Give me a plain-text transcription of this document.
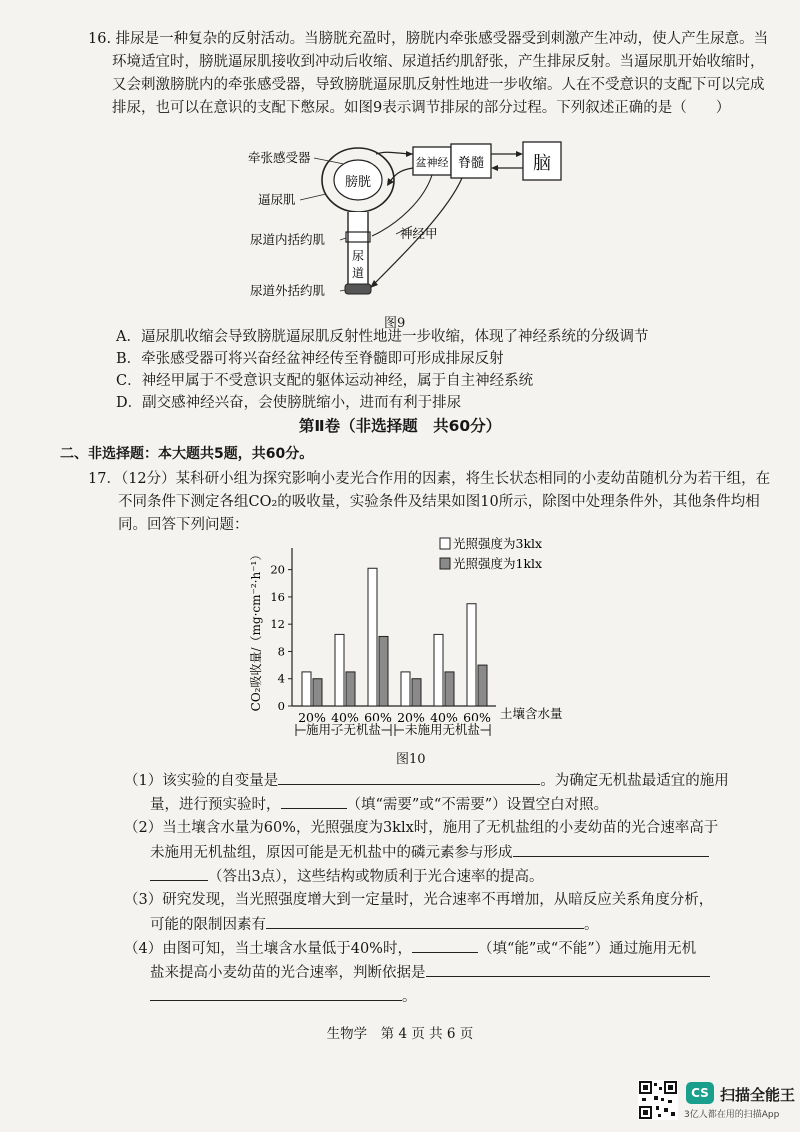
16. 排尿是一种复杂的反射活动。当膀胱充盈时，膀胱内牵张感受器受到刺激产生冲动，使人产生尿意。当环境适宜时，膀胱逼尿肌接收到冲动后收缩、尿道括约肌舒张，产生排尿反射。当逼尿肌开始收缩时，又会刺激膀胱内的牵张感受器，导致膀胱逼尿肌反射性地进一步收缩。人在不受意识的支配下可以完成排尿，也可以在意识的支配下憋尿。如图9表示调节排尿的部分过程。下列叙述正确的是（　　）
膀胱
尿
道
盆神经 脊髓	脑
神经甲
牵张感受器
逼尿肌
尿道内括约肌
尿道外括约肌
图9
A．逼尿肌收缩会导致膀胱逼尿肌反射性地进一步收缩，体现了神经系统的分级调节
B．牵张感受器可将兴奋经盆神经传至脊髓即可形成排尿反射
C．神经甲属于不受意识支配的躯体运动神经，属于自主神经系统
D．副交感神经兴奋，会使膀胱缩小，进而有利于排尿
第Ⅱ卷（非选择题　共60分）
二、非选择题：本大题共5题，共60分。
17．（12分）某科研小组为探究影响小麦光合作用的因素，将生长状态相同的小麦幼苗随机分为若干组，在不同条件下测定各组CO₂的吸收量，实验条件及结果如图10所示，除图中处理条件外，其他条件均相同。回答下列问题：
CO₂吸收量/（mg·cm⁻²·h⁻¹） 0
4
8
12
16
20
20% 40% 60% 20% 40% 60%
光照强度为3klx
光照强度为1klx
土壤含水量
施用了无机盐 未施用无机盐
图10
（1）该实验的自变量是	。为确定无机盐最适宜的施用
量，进行预实验时，	（填“需要”或“不需要”）设置空白对照。
（2）当土壤含水量为60%，光照强度为3klx时，施用了无机盐组的小麦幼苗的光合速率高于
未施用无机盐组，原因可能是无机盐中的磷元素参与形成
（答出3点），这些结构或物质利于光合速率的提高。
（3）研究发现，当光照强度增大到一定量时，光合速率不再增加，从暗反应关系角度分析，
可能的限制因素有	。
（4）由图可知，当土壤含水量低于40%时，	（填“能”或“不能”）通过施用无机
盐来提高小麦幼苗的光合速率，判断依据是
。
生物学　第 4 页 共 6 页
CS 扫描全能王
3亿人都在用的扫描App
